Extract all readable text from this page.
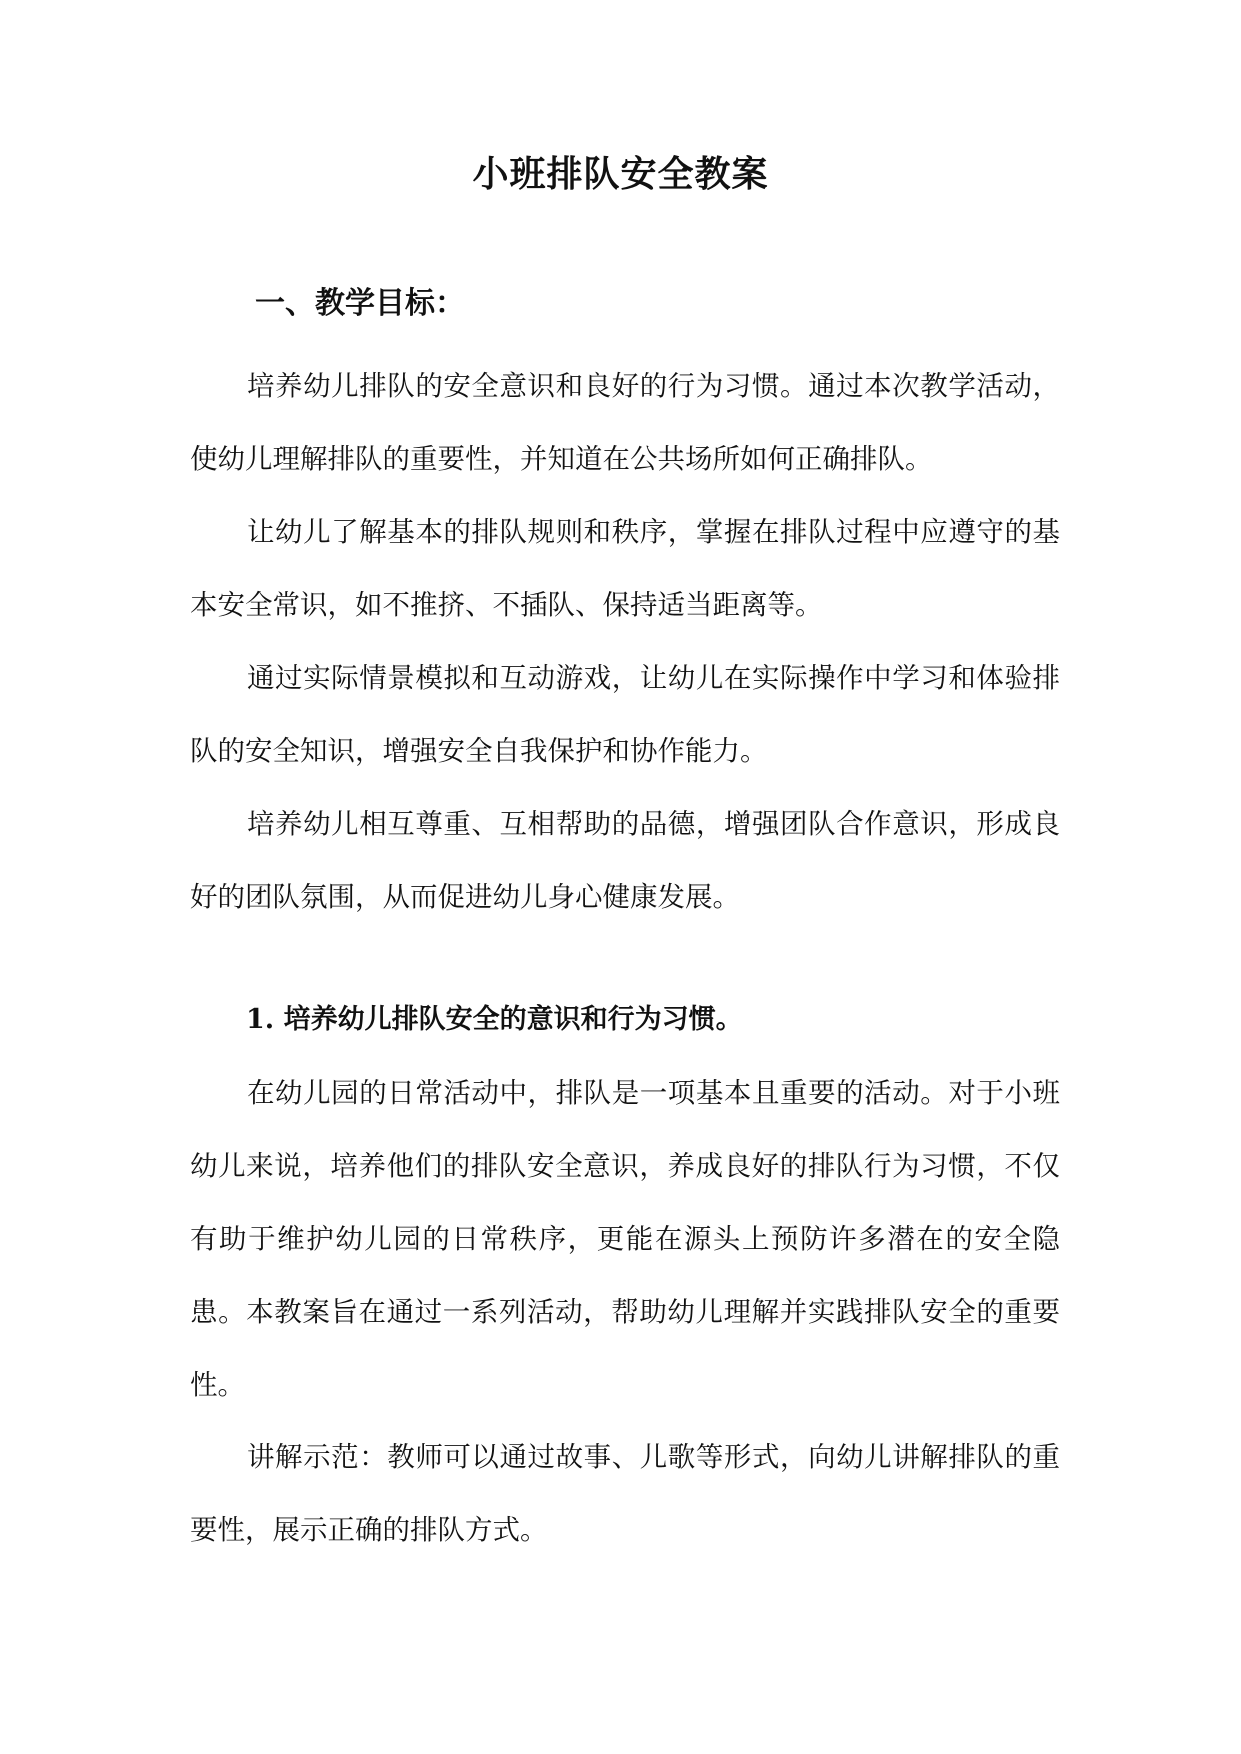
小班排队安全教案
一、教学目标：

培养幼儿排队的安全意识和良好的行为习惯。通过本次教学活动，使幼儿理解排队的重要性，并知道在公共场所如何正确排队。

让幼儿了解基本的排队规则和秩序，掌握在排队过程中应遵守的基本安全常识，如不推挤、不插队、保持适当距离等。

通过实际情景模拟和互动游戏，让幼儿在实际操作中学习和体验排队的安全知识，增强安全自我保护和协作能力。

培养幼儿相互尊重、互相帮助的品德，增强团队合作意识，形成良好的团队氛围，从而促进幼儿身心健康发展。

1. 培养幼儿排队安全的意识和行为习惯。

在幼儿园的日常活动中，排队是一项基本且重要的活动。对于小班幼儿来说，培养他们的排队安全意识，养成良好的排队行为习惯，不仅有助于维护幼儿园的日常秩序，更能在源头上预防许多潜在的安全隐患。本教案旨在通过一系列活动，帮助幼儿理解并实践排队安全的重要性。

讲解示范：教师可以通过故事、儿歌等形式，向幼儿讲解排队的重要性，展示正确的排队方式。
